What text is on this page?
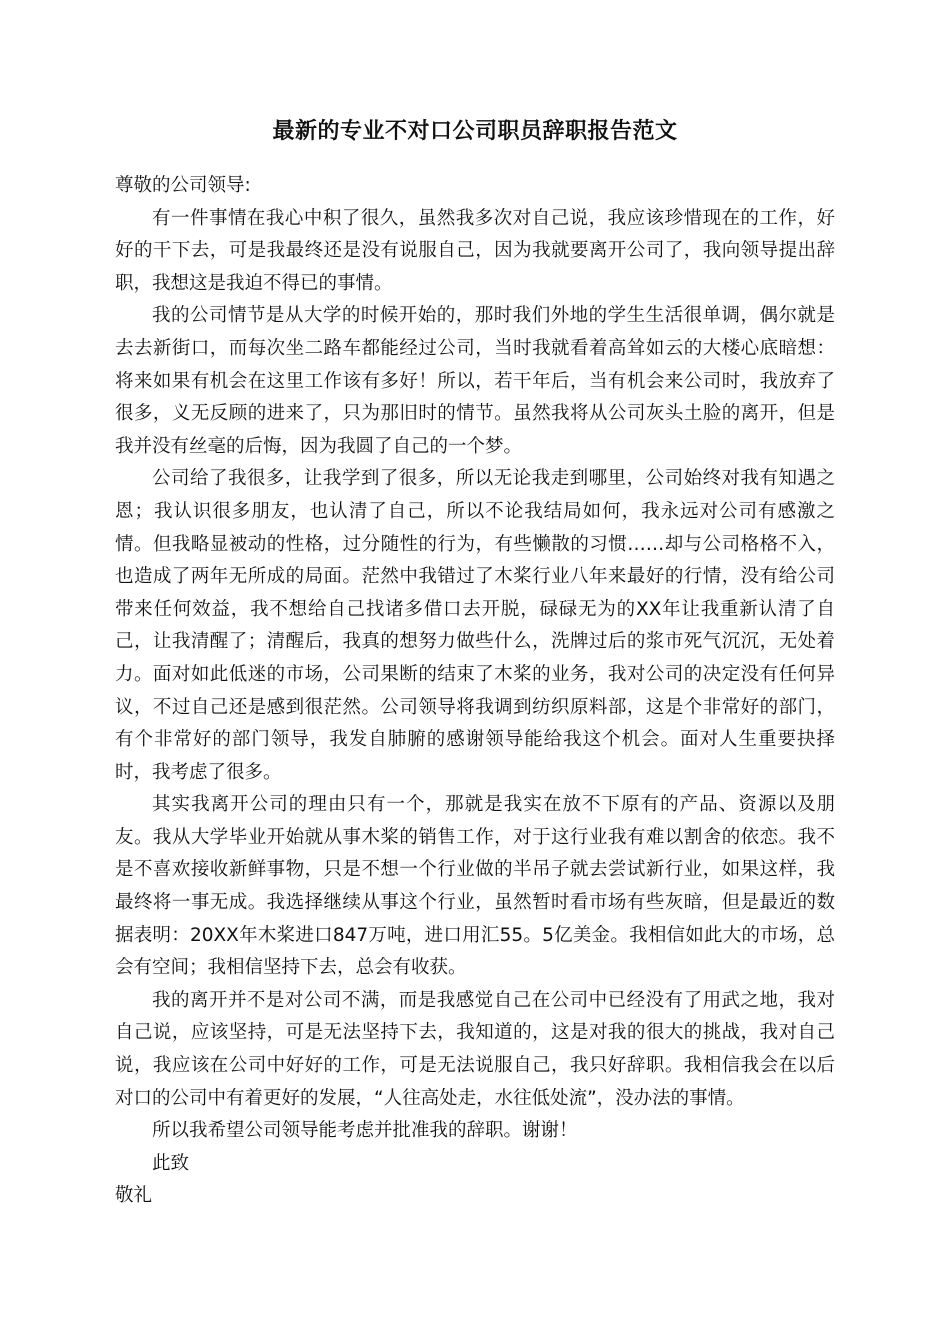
最新的专业不对口公司职员辞职报告范文

尊敬的公司领导:

有一件事情在我心中积了很久，虽然我多次对自己说，我应该珍惜现在的工作，好好的干下去，可是我最终还是没有说服自己，因为我就要离开公司了，我向领导提出辞职，我想这是我迫不得已的事情。

我的公司情节是从大学的时候开始的，那时我们外地的学生生活很单调，偶尔就是去去新街口，而每次坐二路车都能经过公司，当时我就看着高耸如云的大楼心底暗想：将来如果有机会在这里工作该有多好！所以，若干年后，当有机会来公司时，我放弃了很多，义无反顾的进来了，只为那旧时的情节。虽然我将从公司灰头土脸的离开，但是我并没有丝毫的后悔，因为我圆了自己的一个梦。

公司给了我很多，让我学到了很多，所以无论我走到哪里，公司始终对我有知遇之恩；我认识很多朋友，也认清了自己，所以不论我结局如何，我永远对公司有感激之情。但我略显被动的性格，过分随性的行为，有些懒散的习惯……却与公司格格不入，也造成了两年无所成的局面。茫然中我错过了木桨行业八年来最好的行情，没有给公司带来任何效益，我不想给自己找诸多借口去开脱，碌碌无为的XX年让我重新认清了自己，让我清醒了；清醒后，我真的想努力做些什么，洗牌过后的浆市死气沉沉，无处着力。面对如此低迷的市场，公司果断的结束了木桨的业务，我对公司的决定没有任何异议，不过自己还是感到很茫然。公司领导将我调到纺织原料部，这是个非常好的部门，有个非常好的部门领导，我发自肺腑的感谢领导能给我这个机会。面对人生重要抉择时，我考虑了很多。

其实我离开公司的理由只有一个，那就是我实在放不下原有的产品、资源以及朋友。我从大学毕业开始就从事木桨的销售工作，对于这行业我有难以割舍的依恋。我不是不喜欢接收新鲜事物，只是不想一个行业做的半吊子就去尝试新行业，如果这样，我最终将一事无成。我选择继续从事这个行业，虽然暂时看市场有些灰暗，但是最近的数据表明：20XX年木桨进口847万吨，进口用汇55。5亿美金。我相信如此大的市场，总会有空间；我相信坚持下去，总会有收获。

我的离开并不是对公司不满，而是我感觉自己在公司中已经没有了用武之地，我对自己说，应该坚持，可是无法坚持下去，我知道的，这是对我的很大的挑战，我对自己说，我应该在公司中好好的工作，可是无法说服自己，我只好辞职。我相信我会在以后对口的公司中有着更好的发展，“人往高处走，水往低处流”，没办法的事情。

所以我希望公司领导能考虑并批准我的辞职。谢谢！

此致

敬礼
